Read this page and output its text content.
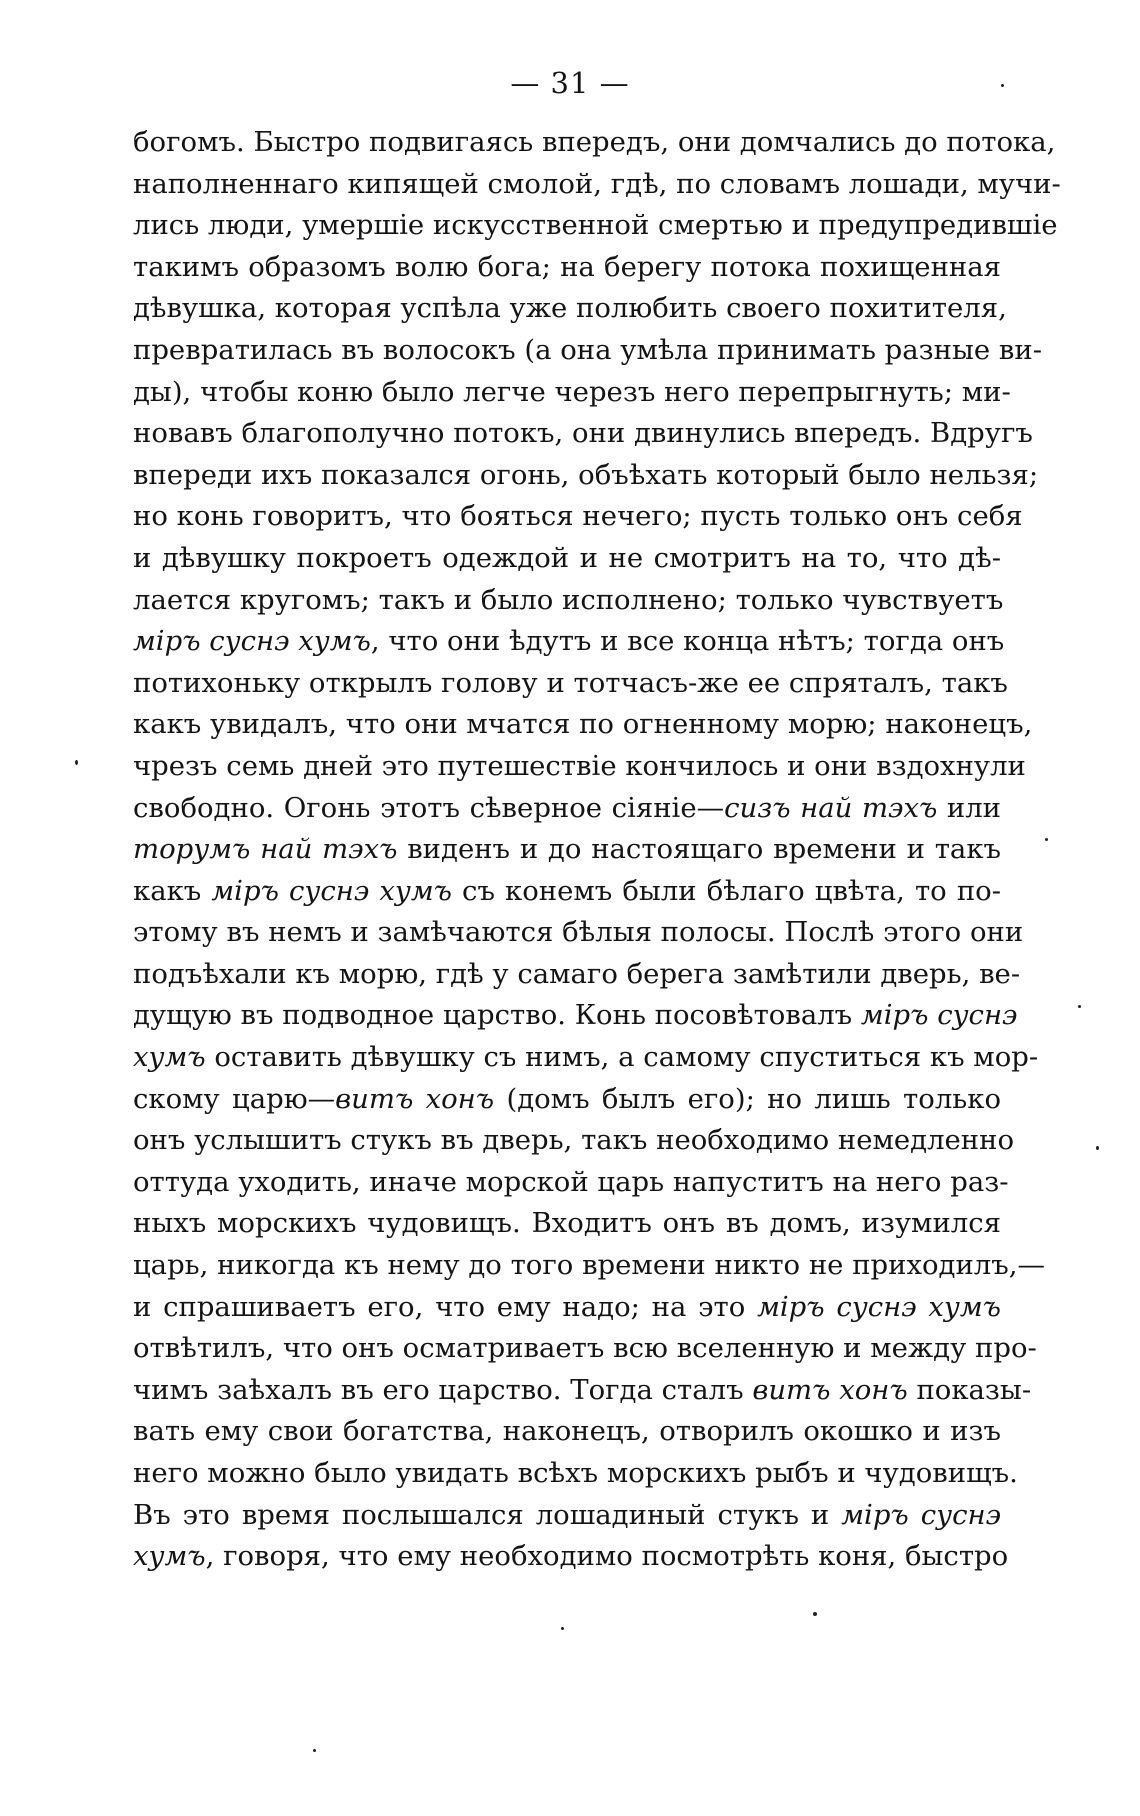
— 31 —
богомъ. Быстро подвигаясь впередъ, они домчались до потока,
наполненнаго кипящей смолой, гдѣ, по словамъ лошади, мучи-
лись люди, умершіе искусственной смертью и предупредившіе
такимъ образомъ волю бога; на берегу потока похищенная
дѣвушка, которая успѣла уже полюбить своего похитителя,
превратилась въ волосокъ (а она умѣла принимать разные ви-
ды), чтобы коню было легче черезъ него перепрыгнуть; ми-
новавъ благополучно потокъ, они двинулись впередъ. Вдругъ
впереди ихъ показался огонь, объѣхать который было нельзя;
но конь говоритъ, что бояться нечего; пусть только онъ себя
и дѣвушку покроетъ одеждой и не смотритъ на то, что дѣ-
лается кругомъ; такъ и было исполнено; только чувствуетъ
міръ суснэ хумъ, что они ѣдутъ и все конца нѣтъ; тогда онъ
потихоньку открылъ голову и тотчасъ-же ее спряталъ, такъ
какъ увидалъ, что они мчатся по огненному морю; наконецъ,
чрезъ семь дней это путешествіе кончилось и они вздохнули
свободно. Огонь этотъ сѣверное сіяніе—сизъ най тэхъ или
торумъ най тэхъ виденъ и до настоящаго времени и такъ
какъ міръ суснэ хумъ съ конемъ были бѣлаго цвѣта, то по-
этому въ немъ и замѣчаются бѣлыя полосы. Послѣ этого они
подъѣхали къ морю, гдѣ у самаго берега замѣтили дверь, ве-
дущую въ подводное царство. Конь посовѣтовалъ міръ суснэ
хумъ оставить дѣвушку съ нимъ, а самому спуститься къ мор-
скому царю—витъ хонъ (домъ былъ его); но лишь только
онъ услышитъ стукъ въ дверь, такъ необходимо немедленно
оттуда уходить, иначе морской царь напуститъ на него раз-
ныхъ морскихъ чудовищъ. Входитъ онъ въ домъ, изумился
царь, никогда къ нему до того времени никто не приходилъ,—
и спрашиваетъ его, что ему надо; на это міръ суснэ хумъ
отвѣтилъ, что онъ осматриваетъ всю вселенную и между про-
чимъ заѣхалъ въ его царство. Тогда сталъ витъ хонъ показы-
вать ему свои богатства, наконецъ, отворилъ окошко и изъ
него можно было увидать всѣхъ морскихъ рыбъ и чудовищъ.
Въ это время послышался лошадиный стукъ и міръ суснэ
хумъ, говоря, что ему необходимо посмотрѣть коня, быстро
